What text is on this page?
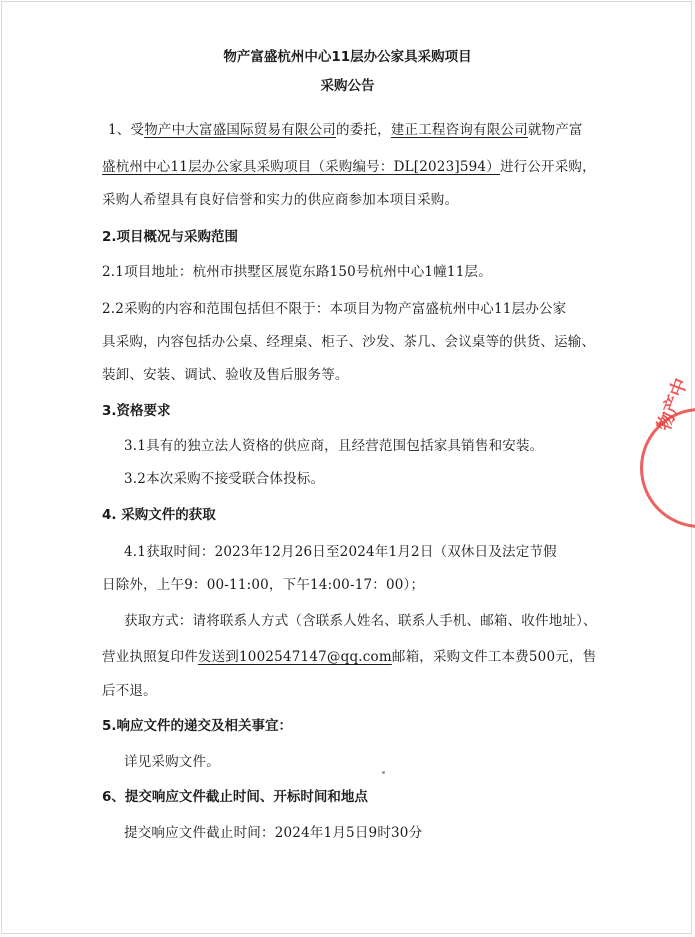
物产富盛杭州中心11层办公家具采购项目
采购公告
1、受物产中大富盛国际贸易有限公司的委托，建正工程咨询有限公司就物产富
盛杭州中心11层办公家具采购项目（采购编号：DL[2023]594）进行公开采购，
采购人希望具有良好信誉和实力的供应商参加本项目采购。
2.项目概况与采购范围
2.1项目地址：杭州市拱墅区展览东路150号杭州中心1幢11层。
2.2采购的内容和范围包括但不限于：本项目为物产富盛杭州中心11层办公家
具采购，内容包括办公桌、经理桌、柜子、沙发、茶几、会议桌等的供货、运输、
装卸、安装、调试、验收及售后服务等。
3.资格要求
3.1具有的独立法人资格的供应商，且经营范围包括家具销售和安装。
3.2本次采购不接受联合体投标。
4. 采购文件的获取
4.1获取时间：2023年12月26日至2024年1月2日（双休日及法定节假
日除外，上午9：00-11:00，下午14:00-17：00）；
获取方式：请将联系人方式（含联系人姓名、联系人手机、邮箱、收件地址）、
营业执照复印件发送到1002547147@qq.com邮箱，采购文件工本费500元，售
后不退。
5.响应文件的递交及相关事宜：
详见采购文件。
6、提交响应文件截止时间、开标时间和地点
提交响应文件截止时间：2024年1月5日9时30分
物产中
